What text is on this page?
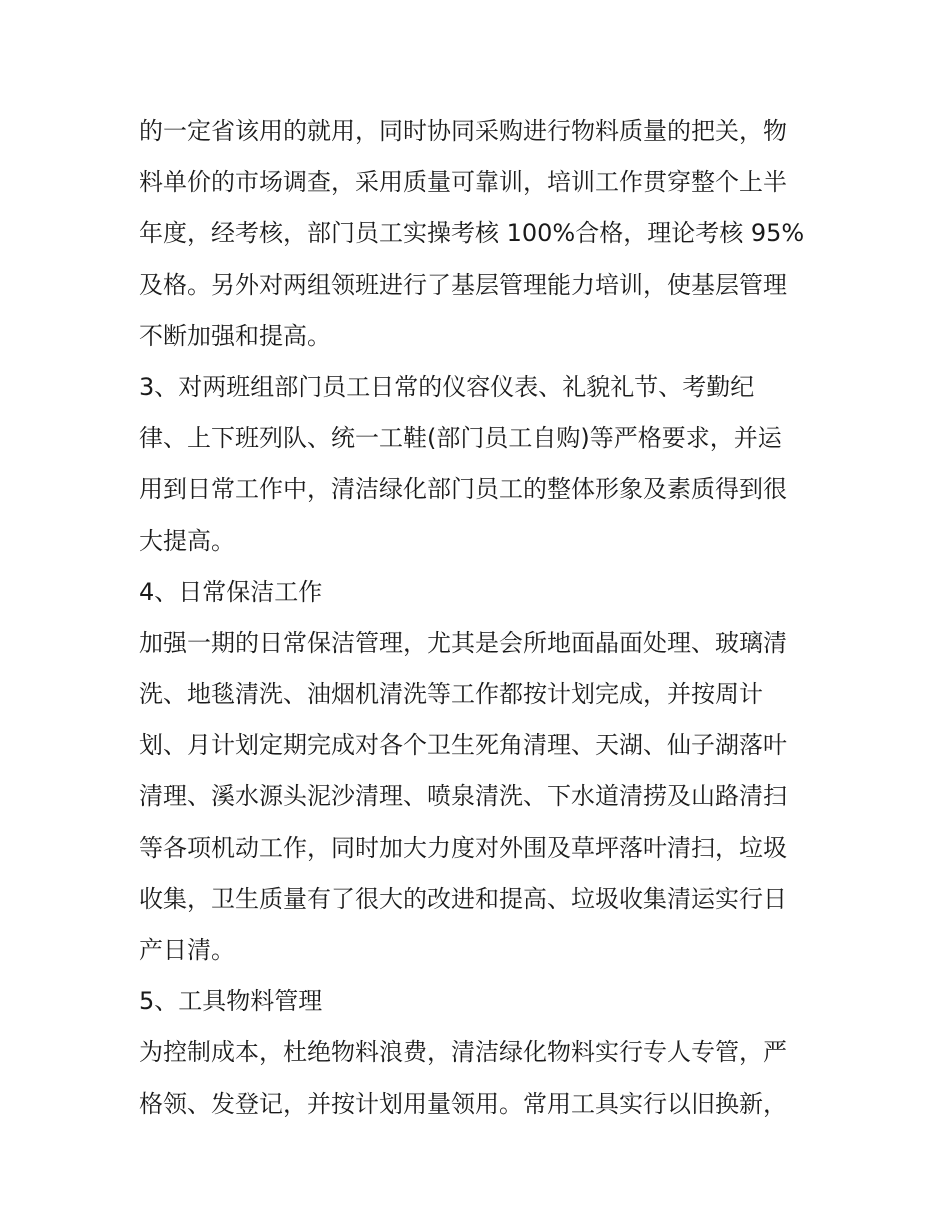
的一定省该用的就用，同时协同采购进行物料质量的把关，物
料单价的市场调查，采用质量可靠训，培训工作贯穿整个上半
年度，经考核，部门员工实操考核 100%合格，理论考核 95%
及格。另外对两组领班进行了基层管理能力培训，使基层管理
不断加强和提高。
3、对两班组部门员工日常的仪容仪表、礼貌礼节、考勤纪
律、上下班列队、统一工鞋(部门员工自购)等严格要求，并运
用到日常工作中，清洁绿化部门员工的整体形象及素质得到很
大提高。
4、日常保洁工作
加强一期的日常保洁管理，尤其是会所地面晶面处理、玻璃清
洗、地毯清洗、油烟机清洗等工作都按计划完成，并按周计
划、月计划定期完成对各个卫生死角清理、天湖、仙子湖落叶
清理、溪水源头泥沙清理、喷泉清洗、下水道清捞及山路清扫
等各项机动工作，同时加大力度对外围及草坪落叶清扫，垃圾
收集，卫生质量有了很大的改进和提高、垃圾收集清运实行日
产日清。
5、工具物料管理
为控制成本，杜绝物料浪费，清洁绿化物料实行专人专管，严
格领、发登记，并按计划用量领用。常用工具实行以旧换新，
